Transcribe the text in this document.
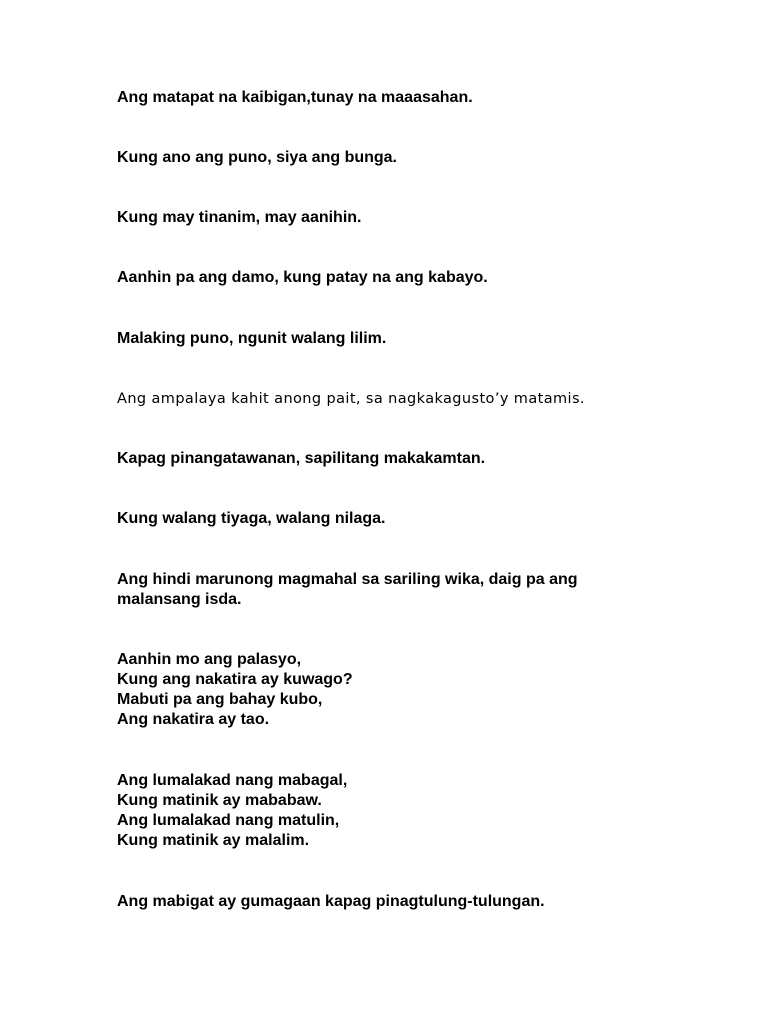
Ang matapat na kaibigan,tunay na maaasahan.

Kung ano ang puno, siya ang bunga.

Kung may tinanim, may aanihin.

Aanhin pa ang damo, kung patay na ang kabayo.

Malaking puno, ngunit walang lilim.

Ang ampalaya kahit anong pait, sa nagkakagusto’y matamis.

Kapag pinangatawanan, sapilitang makakamtan.

Kung walang tiyaga, walang nilaga.

Ang hindi marunong magmahal sa sariling wika, daig pa ang
malansang isda.

Aanhin mo ang palasyo,
Kung ang nakatira ay kuwago?
Mabuti pa ang bahay kubo,
Ang nakatira ay tao.

Ang lumalakad nang mabagal,
Kung matinik ay mababaw.
Ang lumalakad nang matulin,
Kung matinik ay malalim.

Ang mabigat ay gumagaan kapag pinagtulung-tulungan.
